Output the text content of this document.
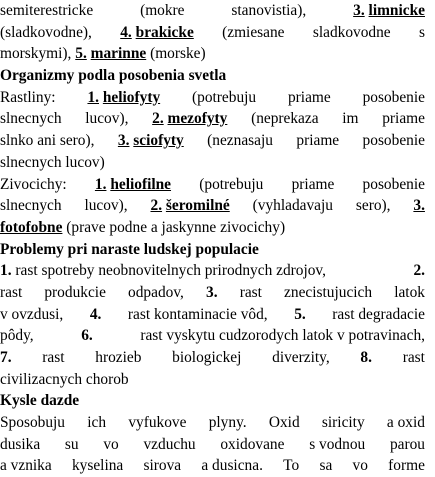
semiterestricke	(mokre	stanovistia),	3. limnicke
(sladkovodne), 4. brakicke (zmiesane sladkovodne s
morskymi), 5. marinne (morske)
Organizmy podla posobenia svetla
Rastliny: 1. heliofyty (potrebuju priame posobenie
slnecnych lucov), 2. mezofyty (neprekaza im priame
slnko ani sero), 3. sciofyty (neznasaju priame posobenie
slnecnych lucov)
Zivocichy: 1. heliofilne (potrebuju priame posobenie
slnecnych lucov), 2. šeromilné (vyhladavaju sero), 3.
fotofobne (prave podne a jaskynne zivocichy)
Problemy pri naraste ludskej populacie
1. rast spotreby neobnovitelnych prirodnych zdrojov,	2.
rast produkcie odpadov, 3. rast znecistujucich latok
v ovzdusi, 4. rast kontaminacie vôd, 5. rast degradacie
pôdy,	6.	rast vyskytu cudzorodych latok v potravinach,
7. rast hrozieb biologickej diverzity, 8. rast
civilizacnych chorob
Kysle dazde
Sposobuju ich vyfukove plyny. Oxid siricity a oxid
dusika su vo vzduchu oxidovane s vodnou parou
a vznika kyselina sirova a dusicna. To sa vo forme
